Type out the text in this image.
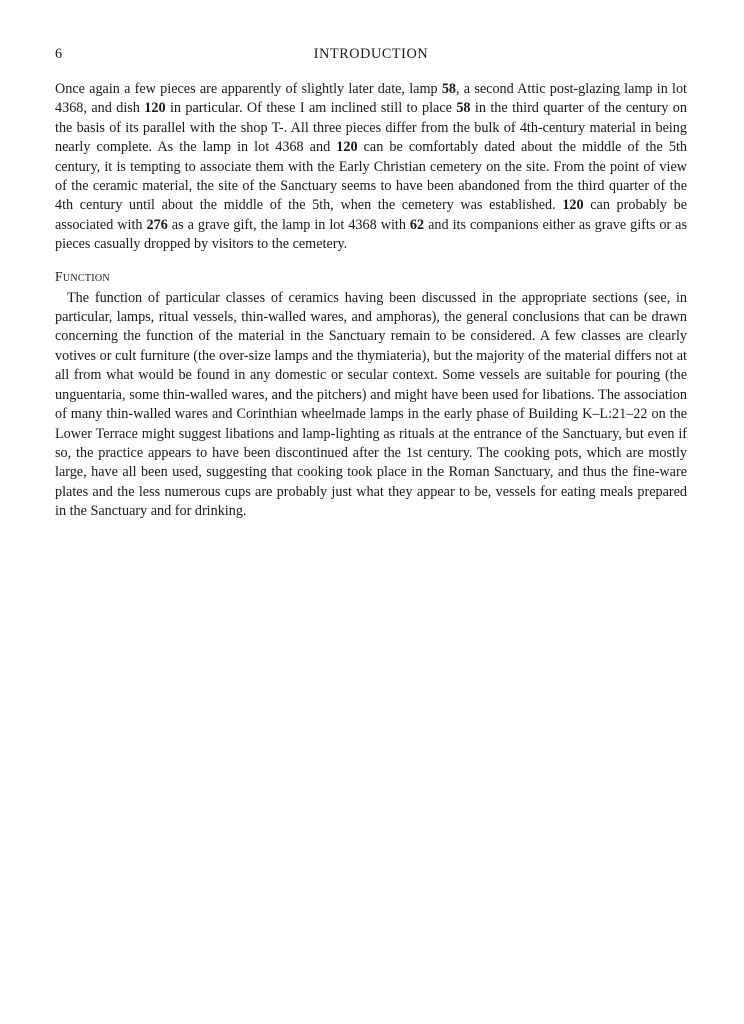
6	INTRODUCTION

Once again a few pieces are apparently of slightly later date, lamp 58, a second Attic post-glazing lamp in lot 4368, and dish 120 in particular. Of these I am inclined still to place 58 in the third quarter of the century on the basis of its parallel with the shop T-. All three pieces differ from the bulk of 4th-century material in being nearly complete. As the lamp in lot 4368 and 120 can be comfortably dated about the middle of the 5th century, it is tempting to associate them with the Early Christian cemetery on the site. From the point of view of the ceramic material, the site of the Sanctuary seems to have been abandoned from the third quarter of the 4th century until about the middle of the 5th, when the cemetery was established. 120 can probably be associated with 276 as a grave gift, the lamp in lot 4368 with 62 and its companions either as grave gifts or as pieces casually dropped by visitors to the cemetery.

Function

The function of particular classes of ceramics having been discussed in the appropriate sections (see, in particular, lamps, ritual vessels, thin-walled wares, and amphoras), the general conclusions that can be drawn concerning the function of the material in the Sanctuary remain to be considered. A few classes are clearly votives or cult furniture (the over-size lamps and the thymiateria), but the majority of the material differs not at all from what would be found in any domestic or secular context. Some vessels are suitable for pouring (the unguentaria, some thin-walled wares, and the pitchers) and might have been used for libations. The association of many thin-walled wares and Corinthian wheelmade lamps in the early phase of Building K–L:21–22 on the Lower Terrace might suggest libations and lamp-lighting as rituals at the entrance of the Sanctuary, but even if so, the practice appears to have been discontinued after the 1st century. The cooking pots, which are mostly large, have all been used, suggesting that cooking took place in the Roman Sanctuary, and thus the fine-ware plates and the less numerous cups are probably just what they appear to be, vessels for eating meals prepared in the Sanctuary and for drinking.
